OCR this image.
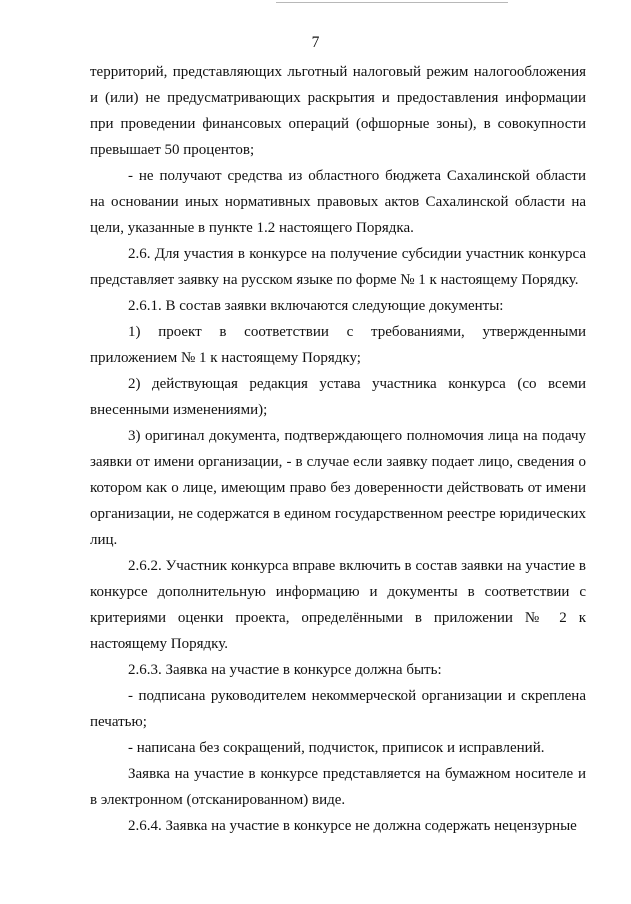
7

территорий, представляющих льготный налоговый режим налогообложения и (или) не предусматривающих раскрытия и предоставления информации при проведении финансовых операций (офшорные зоны), в совокупности превышает 50 процентов;

- не получают средства из областного бюджета Сахалинской области на основании иных нормативных правовых актов Сахалинской области на цели, указанные в пункте 1.2 настоящего Порядка.

2.6. Для участия в конкурсе на получение субсидии участник конкурса представляет заявку на русском языке по форме № 1 к настоящему Порядку.

2.6.1. В состав заявки включаются следующие документы:

1) проект в соответствии с требованиями, утвержденными приложением № 1 к настоящему Порядку;

2) действующая редакция устава участника конкурса (со всеми внесенными изменениями);

3) оригинал документа, подтверждающего полномочия лица на подачу заявки от имени организации, - в случае если заявку подает лицо, сведения о котором как о лице, имеющим право без доверенности действовать от имени организации, не содержатся в едином государственном реестре юридических лиц.

2.6.2. Участник конкурса вправе включить в состав заявки на участие в конкурсе дополнительную информацию и документы в соответствии с критериями оценки проекта, определёнными в приложении № 2 к настоящему Порядку.

2.6.3. Заявка на участие в конкурсе должна быть:

- подписана руководителем некоммерческой организации и скреплена печатью;

- написана без сокращений, подчисток, приписок и исправлений.

Заявка на участие в конкурсе представляется на бумажном носителе и в электронном (отсканированном) виде.

2.6.4. Заявка на участие в конкурсе не должна содержать нецензурные
